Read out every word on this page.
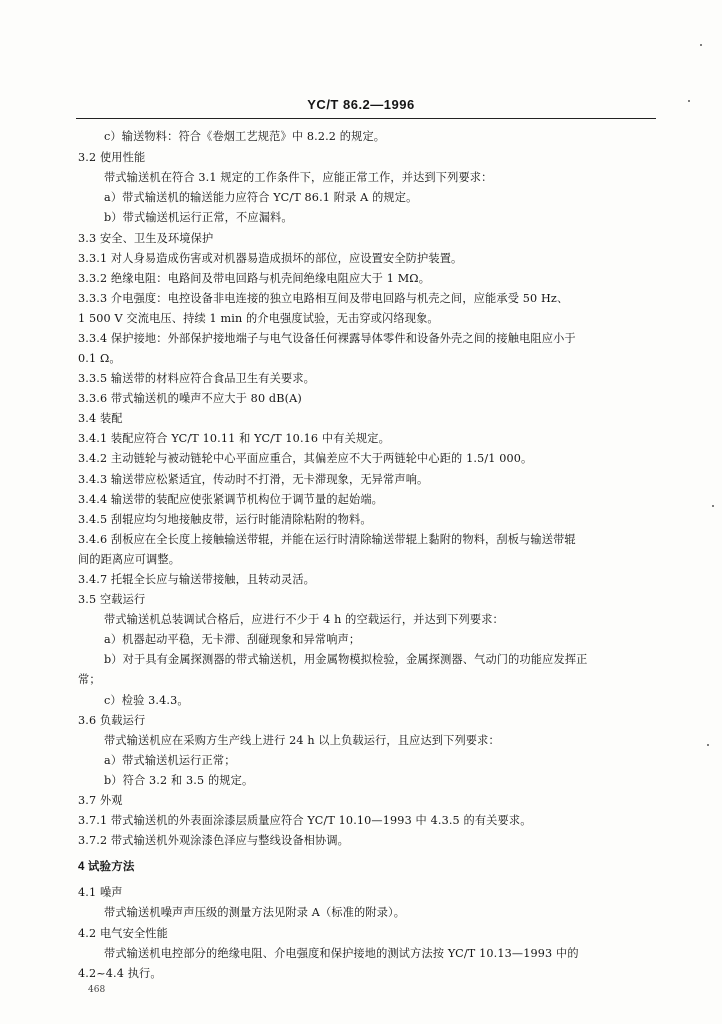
YC/T 86.2—1996
c）输送物料：符合《卷烟工艺规范》中 8.2.2 的规定。
3.2 使用性能
带式输送机在符合 3.1 规定的工作条件下，应能正常工作，并达到下列要求：
a）带式输送机的输送能力应符合 YC/T 86.1 附录 A 的规定。
b）带式输送机运行正常，不应漏料。
3.3 安全、卫生及环境保护
3.3.1 对人身易造成伤害或对机器易造成损坏的部位，应设置安全防护装置。
3.3.2 绝缘电阻：电路间及带电回路与机壳间绝缘电阻应大于 1 MΩ。
3.3.3 介电强度：电控设备非电连接的独立电路相互间及带电回路与机壳之间，应能承受 50 Hz、
1 500 V 交流电压、持续 1 min 的介电强度试验，无击穿或闪络现象。
3.3.4 保护接地：外部保护接地端子与电气设备任何裸露导体零件和设备外壳之间的接触电阻应小于
0.1 Ω。
3.3.5 输送带的材料应符合食品卫生有关要求。
3.3.6 带式输送机的噪声不应大于 80 dB(A)
3.4 装配
3.4.1 装配应符合 YC/T 10.11 和 YC/T 10.16 中有关规定。
3.4.2 主动链轮与被动链轮中心平面应重合，其偏差应不大于两链轮中心距的 1.5/1 000。
3.4.3 输送带应松紧适宜，传动时不打滑，无卡滞现象，无异常声响。
3.4.4 输送带的装配应使张紧调节机构位于调节量的起始端。
3.4.5 刮辊应均匀地接触皮带，运行时能清除粘附的物料。
3.4.6 刮板应在全长度上接触输送带辊，并能在运行时清除输送带辊上黏附的物料，刮板与输送带辊
间的距离应可调整。
3.4.7 托辊全长应与输送带接触，且转动灵活。
3.5 空载运行
带式输送机总装调试合格后，应进行不少于 4 h 的空载运行，并达到下列要求：
a）机器起动平稳，无卡滞、刮碰现象和异常响声；
b）对于具有金属探测器的带式输送机，用金属物模拟检验，金属探测器、气动门的功能应发挥正
常；
c）检验 3.4.3。
3.6 负载运行
带式输送机应在采购方生产线上进行 24 h 以上负载运行，且应达到下列要求：
a）带式输送机运行正常；
b）符合 3.2 和 3.5 的规定。
3.7 外观
3.7.1 带式输送机的外表面涂漆层质量应符合 YC/T 10.10—1993 中 4.3.5 的有关要求。
3.7.2 带式输送机外观涂漆色泽应与整线设备相协调。
4 试验方法
4.1 噪声
带式输送机噪声声压级的测量方法见附录 A（标准的附录）。
4.2 电气安全性能
带式输送机电控部分的绝缘电阻、介电强度和保护接地的测试方法按 YC/T 10.13—1993 中的
4.2~4.4 执行。
468
